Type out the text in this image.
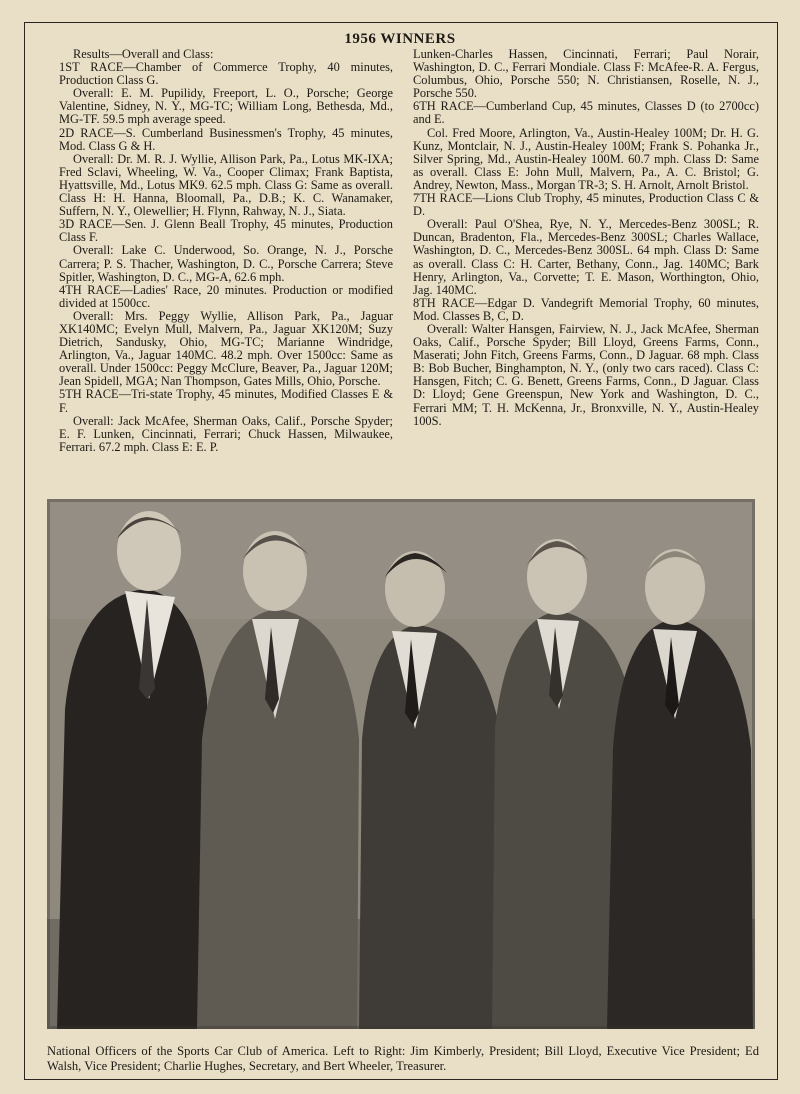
1956 WINNERS

Results—Overall and Class:

1ST RACE—Chamber of Commerce Trophy, 40 minutes, Production Class G.

Overall: E. M. Pupilidy, Freeport, L. O., Porsche; George Valentine, Sidney, N. Y., MG-TC; William Long, Bethesda, Md., MG-TF. 59.5 mph average speed.

2D RACE—S. Cumberland Businessmen's Trophy, 45 minutes, Mod. Class G & H.

Overall: Dr. M. R. J. Wyllie, Allison Park, Pa., Lotus MK-IXA; Fred Sclavi, Wheeling, W. Va., Cooper Climax; Frank Baptista, Hyattsville, Md., Lotus MK9. 62.5 mph. Class G: Same as overall. Class H: H. Hanna, Bloomall, Pa., D.B.; K. C. Wanamaker, Suffern, N. Y., Olewellier; H. Flynn, Rahway, N. J., Siata.

3D RACE—Sen. J. Glenn Beall Trophy, 45 minutes, Production Class F.

Overall: Lake C. Underwood, So. Orange, N. J., Porsche Carrera; P. S. Thacher, Washington, D. C., Porsche Carrera; Steve Spitler, Washington, D. C., MG-A, 62.6 mph.

4TH RACE—Ladies' Race, 20 minutes. Production or modified divided at 1500cc.

Overall: Mrs. Peggy Wyllie, Allison Park, Pa., Jaguar XK140MC; Evelyn Mull, Malvern, Pa., Jaguar XK120M; Suzy Dietrich, Sandusky, Ohio, MG-TC; Marianne Windridge, Arlington, Va., Jaguar 140MC. 48.2 mph. Over 1500cc: Same as overall. Under 1500cc: Peggy McClure, Beaver, Pa., Jaguar 120M; Jean Spidell, MGA; Nan Thompson, Gates Mills, Ohio, Porsche.

5TH RACE—Tri-state Trophy, 45 minutes, Modified Classes E & F.

Overall: Jack McAfee, Sherman Oaks, Calif., Porsche Spyder; E. F. Lunken, Cincinnati, Ferrari; Chuck Hassen, Milwaukee, Ferrari. 67.2 mph. Class E: E. P.

Lunken-Charles Hassen, Cincinnati, Ferrari; Paul Norair, Washington, D. C., Ferrari Mondiale. Class F: McAfee-R. A. Fergus, Columbus, Ohio, Porsche 550; N. Christiansen, Roselle, N. J., Porsche 550.

6TH RACE—Cumberland Cup, 45 minutes, Classes D (to 2700cc) and E.

Col. Fred Moore, Arlington, Va., Austin-Healey 100M; Dr. H. G. Kunz, Montclair, N. J., Austin-Healey 100M; Frank S. Pohanka Jr., Silver Spring, Md., Austin-Healey 100M. 60.7 mph. Class D: Same as overall. Class E: John Mull, Malvern, Pa., A. C. Bristol; G. Andrey, Newton, Mass., Morgan TR-3; S. H. Arnolt, Arnolt Bristol.

7TH RACE—Lions Club Trophy, 45 minutes, Production Class C & D.

Overall: Paul O'Shea, Rye, N. Y., Mercedes-Benz 300SL; R. Duncan, Bradenton, Fla., Mercedes-Benz 300SL; Charles Wallace, Washington, D. C., Mercedes-Benz 300SL. 64 mph. Class D: Same as overall. Class C: H. Carter, Bethany, Conn., Jag. 140MC; Bark Henry, Arlington, Va., Corvette; T. E. Mason, Worthington, Ohio, Jag. 140MC.

8TH RACE—Edgar D. Vandegrift Memorial Trophy, 60 minutes, Mod. Classes B, C, D.

Overall: Walter Hansgen, Fairview, N. J., Jack McAfee, Sherman Oaks, Calif., Porsche Spyder; Bill Lloyd, Greens Farms, Conn., Maserati; John Fitch, Greens Farms, Conn., D Jaguar. 68 mph. Class B: Bob Bucher, Binghampton, N. Y., (only two cars raced). Class C: Hansgen, Fitch; C. G. Benett, Greens Farms, Conn., D Jaguar. Class D: Lloyd; Gene Greenspun, New York and Washington, D. C., Ferrari MM; T. H. McKenna, Jr., Bronxville, N. Y., Austin-Healey 100S.

National Officers of the Sports Car Club of America. Left to Right: Jim Kimberly, President; Bill Lloyd, Executive Vice President; Ed Walsh, Vice President; Charlie Hughes, Secretary, and Bert Wheeler, Treasurer.
